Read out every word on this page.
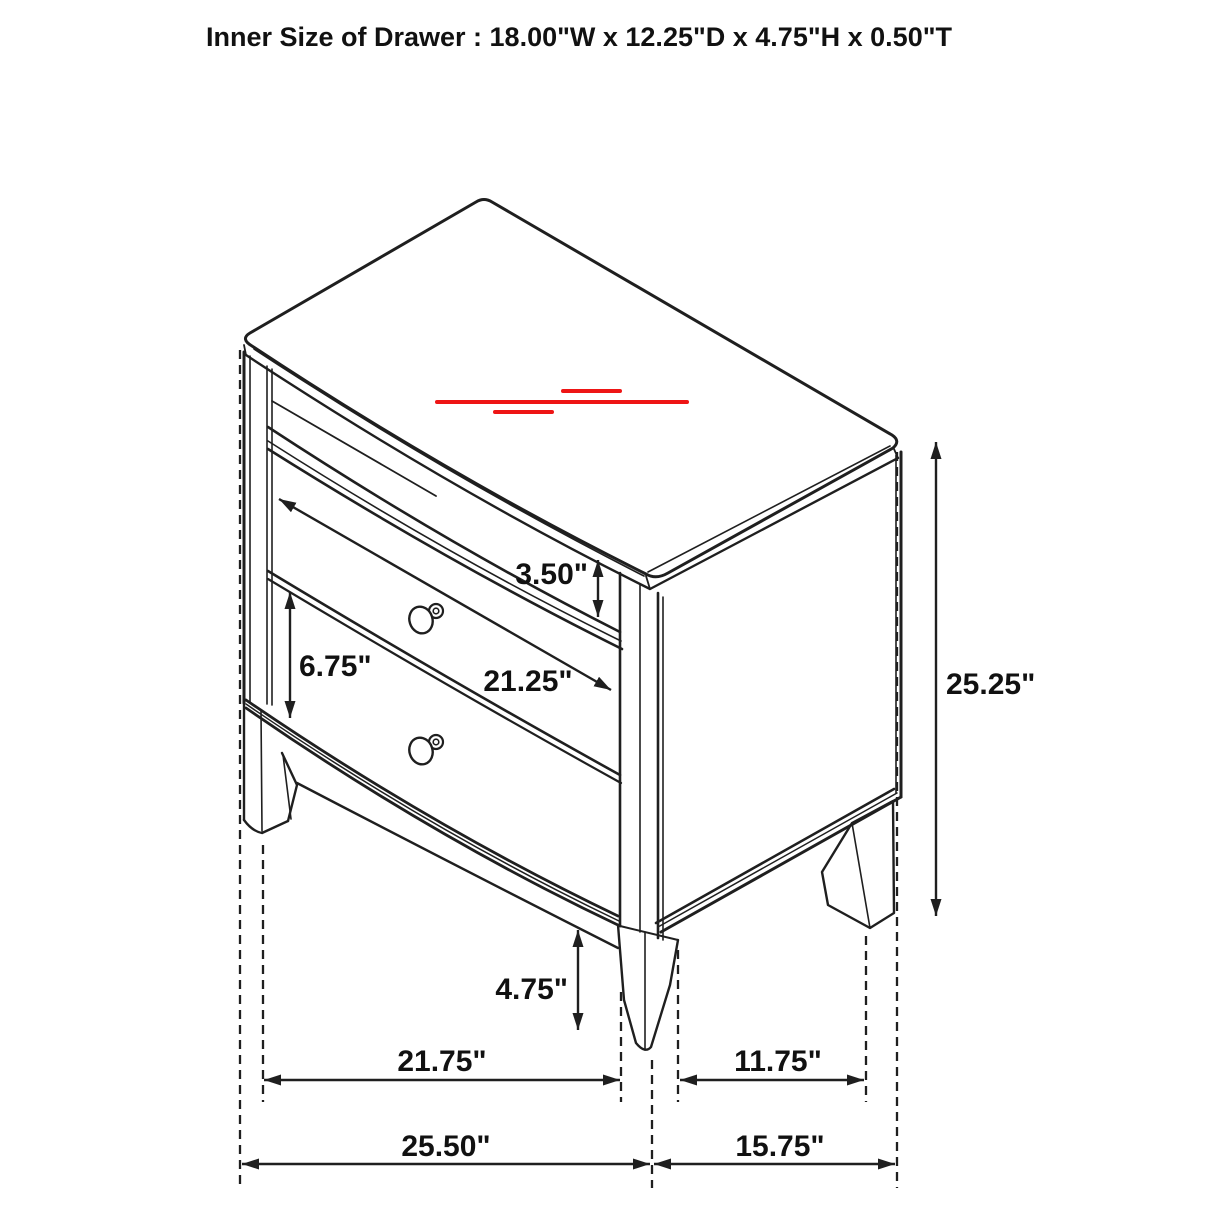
Inner Size of Drawer : 18.00"W x 12.25"D x 4.75"H x 0.50"T
3.50"
6.75"	21.25"	25.25"
4.75"
21.75"	11.75"
25.50"	15.75"
